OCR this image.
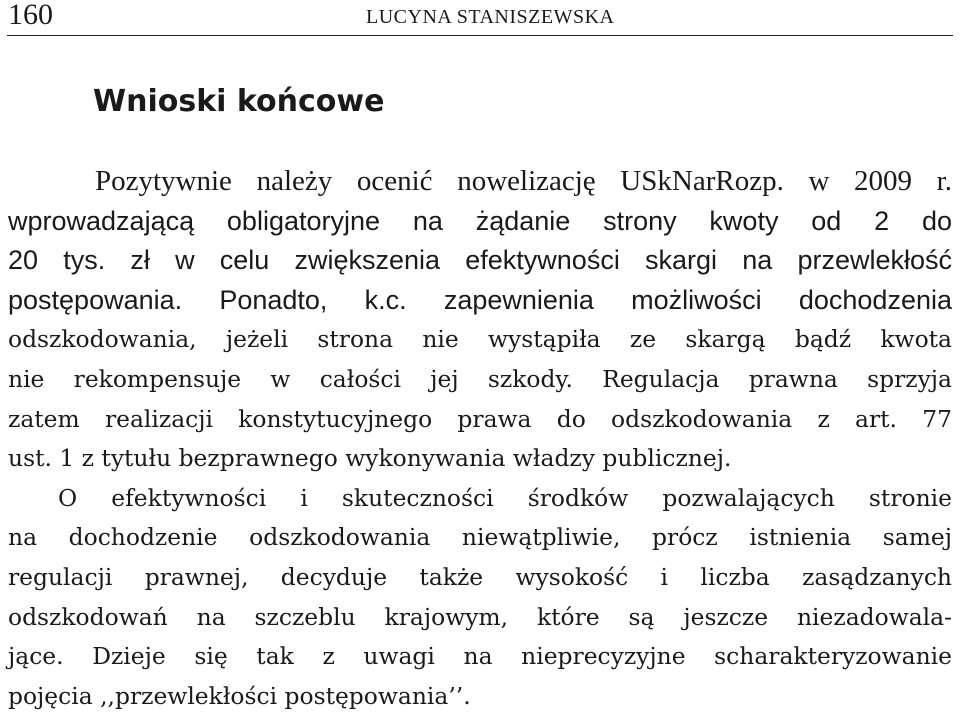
160	LUCYNA STANISZEWSKA
Wnioski końcowe
Pozytywnie należy ocenić nowelizację USkNarRozp. w 2009 r.
wprowadzającą obligatoryjne na żądanie strony kwoty od 2 do
20 tys. zł w celu zwiększenia efektywności skargi na przewlekłość
postępowania. Ponadto, k.c. zapewnienia możliwości dochodzenia
odszkodowania, jeżeli strona nie wystąpiła ze skargą bądź kwota
nie rekompensuje w całości jej szkody. Regulacja prawna sprzyja
zatem realizacji konstytucyjnego prawa do odszkodowania z art. 77
ust. 1 z tytułu bezprawnego wykonywania władzy publicznej.
O efektywności i skuteczności środków pozwalających stronie
na dochodzenie odszkodowania niewątpliwie, prócz istnienia samej
regulacji prawnej, decyduje także wysokość i liczba zasądzanych
odszkodowań na szczeblu krajowym, które są jeszcze niezadowala-
jące. Dzieje się tak z uwagi na nieprecyzyjne scharakteryzowanie
pojęcia ,,przewlekłości postępowania’’.
